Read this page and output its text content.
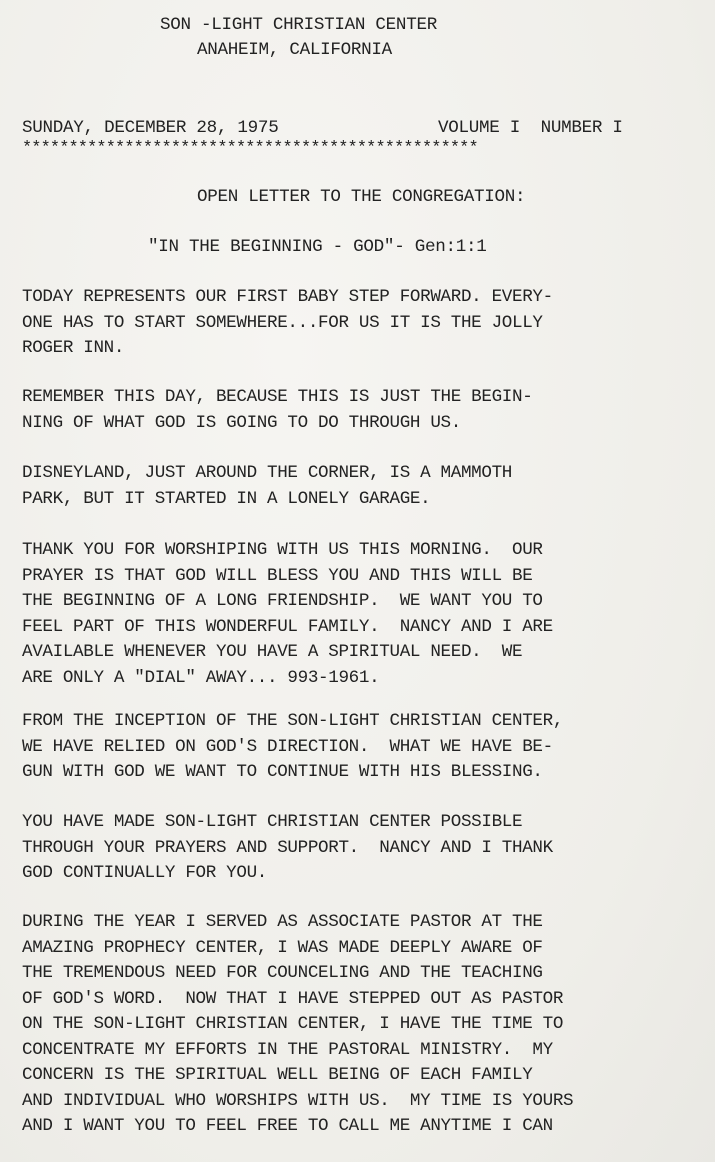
SON -LIGHT CHRISTIAN CENTER
ANAHEIM, CALIFORNIA
SUNDAY, DECEMBER 28, 1975	VOLUME I  NUMBER I
*************************************************
OPEN LETTER TO THE CONGREGATION:
"IN THE BEGINNING - GOD"- Gen:1:1
TODAY REPRESENTS OUR FIRST BABY STEP FORWARD. EVERY-
ONE HAS TO START SOMEWHERE...FOR US IT IS THE JOLLY
ROGER INN.
REMEMBER THIS DAY, BECAUSE THIS IS JUST THE BEGIN-
NING OF WHAT GOD IS GOING TO DO THROUGH US.
DISNEYLAND, JUST AROUND THE CORNER, IS A MAMMOTH
PARK, BUT IT STARTED IN A LONELY GARAGE.
THANK YOU FOR WORSHIPING WITH US THIS MORNING.  OUR
PRAYER IS THAT GOD WILL BLESS YOU AND THIS WILL BE
THE BEGINNING OF A LONG FRIENDSHIP.  WE WANT YOU TO
FEEL PART OF THIS WONDERFUL FAMILY.  NANCY AND I ARE
AVAILABLE WHENEVER YOU HAVE A SPIRITUAL NEED.  WE
ARE ONLY A "DIAL" AWAY... 993-1961.
FROM THE INCEPTION OF THE SON-LIGHT CHRISTIAN CENTER,
WE HAVE RELIED ON GOD'S DIRECTION.  WHAT WE HAVE BE-
GUN WITH GOD WE WANT TO CONTINUE WITH HIS BLESSING.
YOU HAVE MADE SON-LIGHT CHRISTIAN CENTER POSSIBLE
THROUGH YOUR PRAYERS AND SUPPORT.  NANCY AND I THANK
GOD CONTINUALLY FOR YOU.
DURING THE YEAR I SERVED AS ASSOCIATE PASTOR AT THE
AMAZING PROPHECY CENTER, I WAS MADE DEEPLY AWARE OF
THE TREMENDOUS NEED FOR COUNCELING AND THE TEACHING
OF GOD'S WORD.  NOW THAT I HAVE STEPPED OUT AS PASTOR
ON THE SON-LIGHT CHRISTIAN CENTER, I HAVE THE TIME TO
CONCENTRATE MY EFFORTS IN THE PASTORAL MINISTRY.  MY
CONCERN IS THE SPIRITUAL WELL BEING OF EACH FAMILY
AND INDIVIDUAL WHO WORSHIPS WITH US.  MY TIME IS YOURS
AND I WANT YOU TO FEEL FREE TO CALL ME ANYTIME I CAN
